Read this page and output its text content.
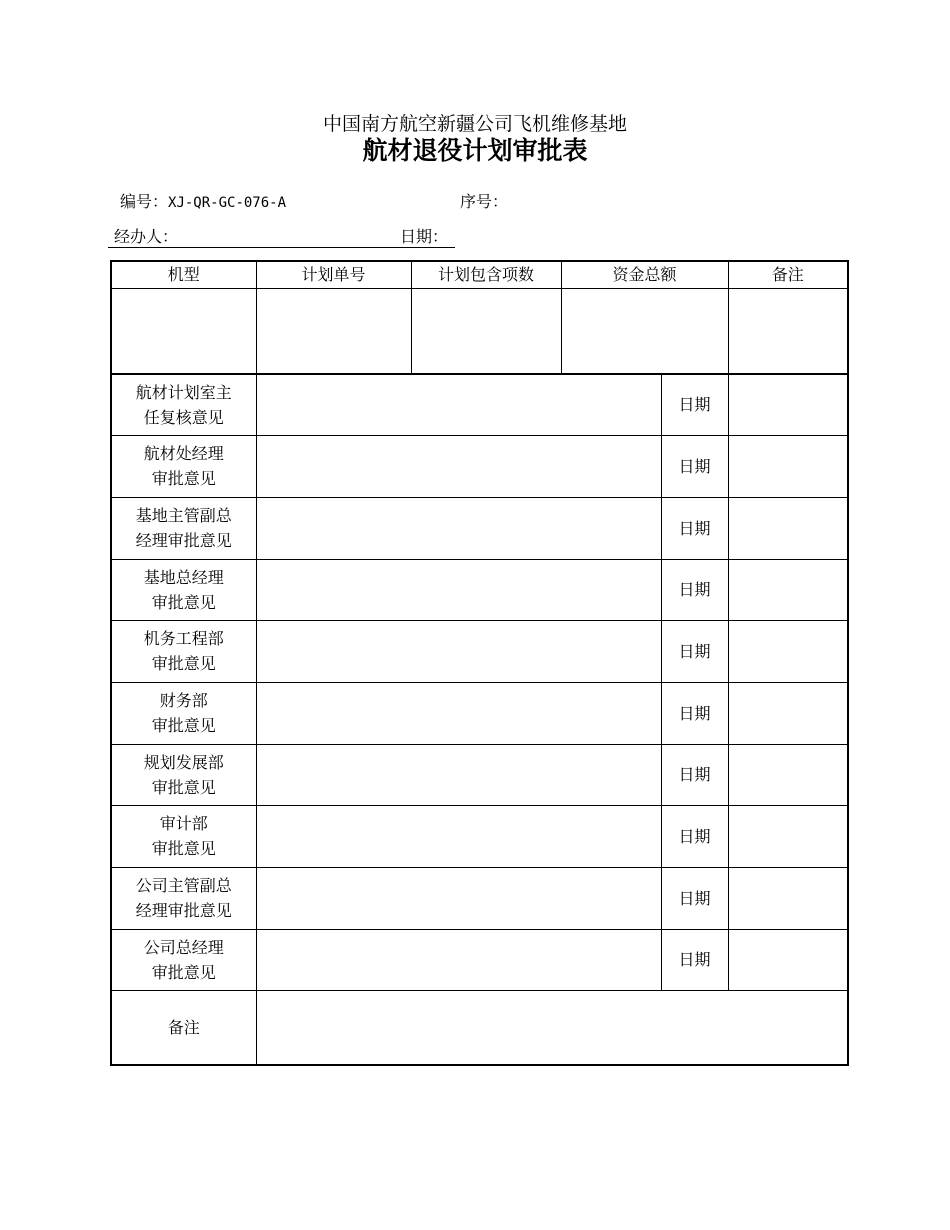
中国南方航空新疆公司飞机维修基地
航材退役计划审批表
编号：XJ-QR-GC-076-A	序号：
经办人：	日期：
机型	计划单号	计划包含项数	资金总额		备注

航材计划室主
任复核意见				日期	

航材处经理
审批意见				日期	

基地主管副总
经理审批意见				日期	

基地总经理
审批意见				日期	

机务工程部
审批意见				日期	

财务部
审批意见				日期	

规划发展部
审批意见				日期	

审计部
审批意见				日期	

公司主管副总
经理审批意见				日期	

公司总经理
审批意见				日期	
备注					
